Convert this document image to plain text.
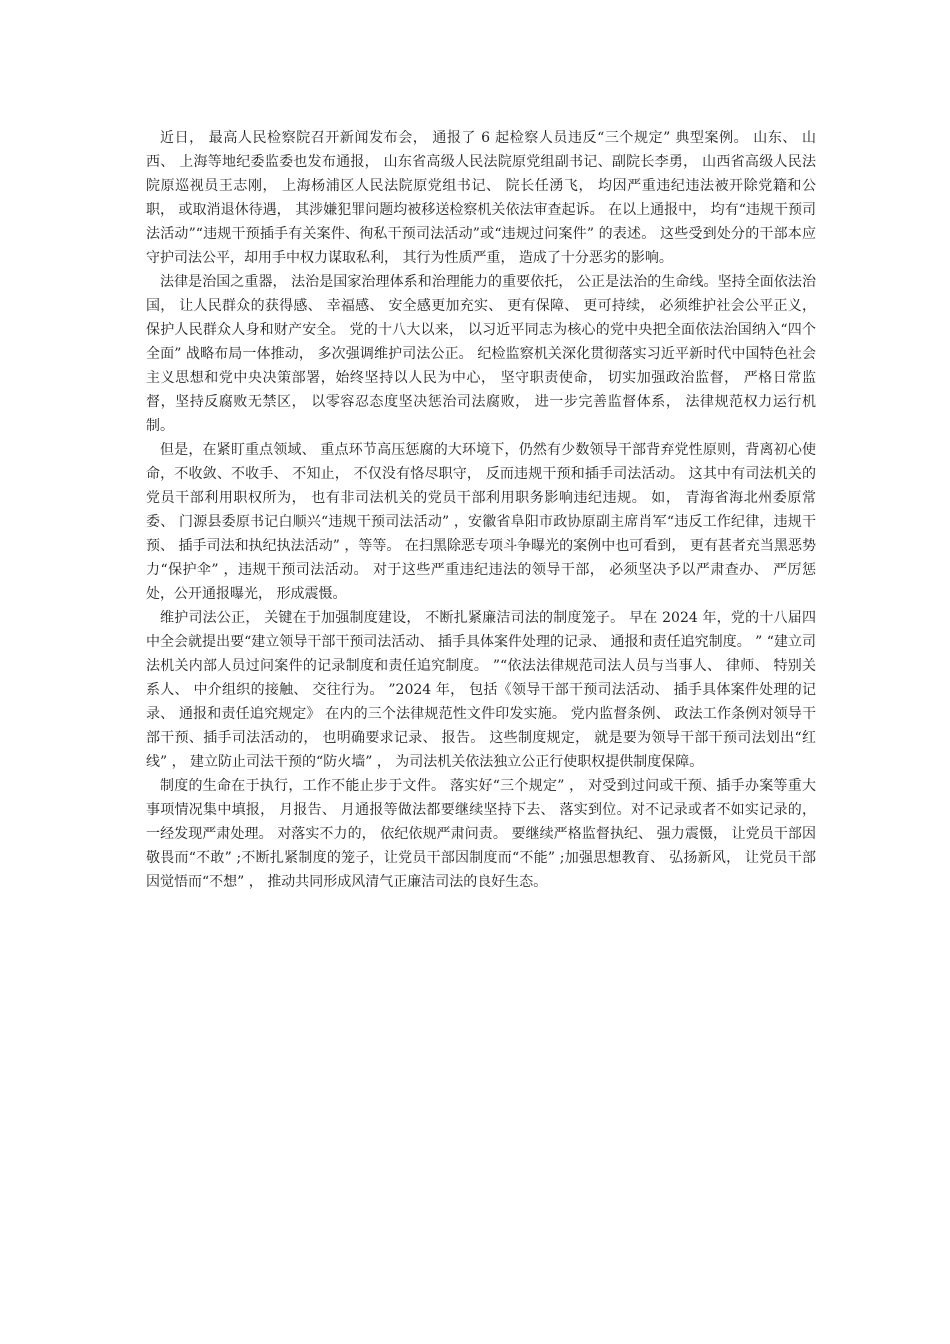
近日， 最高人民检察院召开新闻发布会， 通报了 6 起检察人员违反“三个规定” 典型案例。 山东、 山西、 上海等地纪委监委也发布通报， 山东省高级人民法院原党组副书记、副院长李勇， 山西省高级人民法院原巡视员王志刚， 上海杨浦区人民法院原党组书记、 院长任湧飞， 均因严重违纪违法被开除党籍和公职， 或取消退休待遇， 其涉嫌犯罪问题均被移送检察机关依法审查起诉。 在以上通报中， 均有“违规干预司法活动”“违规干预插手有关案件、徇私干预司法活动”或“违规过问案件” 的表述。 这些受到处分的干部本应守护司法公平，却用手中权力谋取私利， 其行为性质严重， 造成了十分恶劣的影响。

法律是治国之重器， 法治是国家治理体系和治理能力的重要依托， 公正是法治的生命线。坚持全面依法治国， 让人民群众的获得感、 幸福感、 安全感更加充实、 更有保障、 更可持续， 必须维护社会公平正义， 保护人民群众人身和财产安全。 党的十八大以来， 以习近平同志为核心的党中央把全面依法治国纳入“四个全面” 战略布局一体推动， 多次强调维护司法公正。 纪检监察机关深化贯彻落实习近平新时代中国特色社会主义思想和党中央决策部署，始终坚持以人民为中心， 坚守职责使命， 切实加强政治监督， 严格日常监督，坚持反腐败无禁区， 以零容忍态度坚决惩治司法腐败， 进一步完善监督体系， 法律规范权力运行机制。

但是，在紧盯重点领域、 重点环节高压惩腐的大环境下，仍然有少数领导干部背弃党性原则，背离初心使命，不收敛、不收手、 不知止， 不仅没有恪尽职守， 反而违规干预和插手司法活动。 这其中有司法机关的党员干部利用职权所为， 也有非司法机关的党员干部利用职务影响违纪违规。 如， 青海省海北州委原常委、 门源县委原书记白顺兴“违规干预司法活动” ，安徽省阜阳市政协原副主席肖军“违反工作纪律，违规干预、 插手司法和执纪执法活动” ，等等。 在扫黑除恶专项斗争曝光的案例中也可看到， 更有甚者充当黑恶势力“保护伞” ，违规干预司法活动。 对于这些严重违纪违法的领导干部， 必须坚决予以严肃查办、 严厉惩处，公开通报曝光， 形成震慑。

维护司法公正， 关键在于加强制度建设， 不断扎紧廉洁司法的制度笼子。 早在 2024 年，党的十八届四中全会就提出要“建立领导干部干预司法活动、 插手具体案件处理的记录、 通报和责任追究制度。 ” “建立司法机关内部人员过问案件的记录制度和责任追究制度。 ”“依法法律规范司法人员与当事人、 律师、 特别关系人、 中介组织的接触、 交往行为。 ”2024 年， 包括《领导干部干预司法活动、 插手具体案件处理的记录、 通报和责任追究规定》 在内的三个法律规范性文件印发实施。 党内监督条例、 政法工作条例对领导干部干预、插手司法活动的， 也明确要求记录、 报告。 这些制度规定， 就是要为领导干部干预司法划出“红线” ， 建立防止司法干预的“防火墙” ， 为司法机关依法独立公正行使职权提供制度保障。

制度的生命在于执行，工作不能止步于文件。 落实好“三个规定” ， 对受到过问或干预、插手办案等重大事项情况集中填报， 月报告、 月通报等做法都要继续坚持下去、 落实到位。对不记录或者不如实记录的， 一经发现严肃处理。 对落实不力的， 依纪依规严肃问责。 要继续严格监督执纪、 强力震慑， 让党员干部因敬畏而“不敢” ;不断扎紧制度的笼子，让党员干部因制度而“不能” ;加强思想教育、 弘扬新风， 让党员干部因觉悟而“不想” ， 推动共同形成风清气正廉洁司法的良好生态。
